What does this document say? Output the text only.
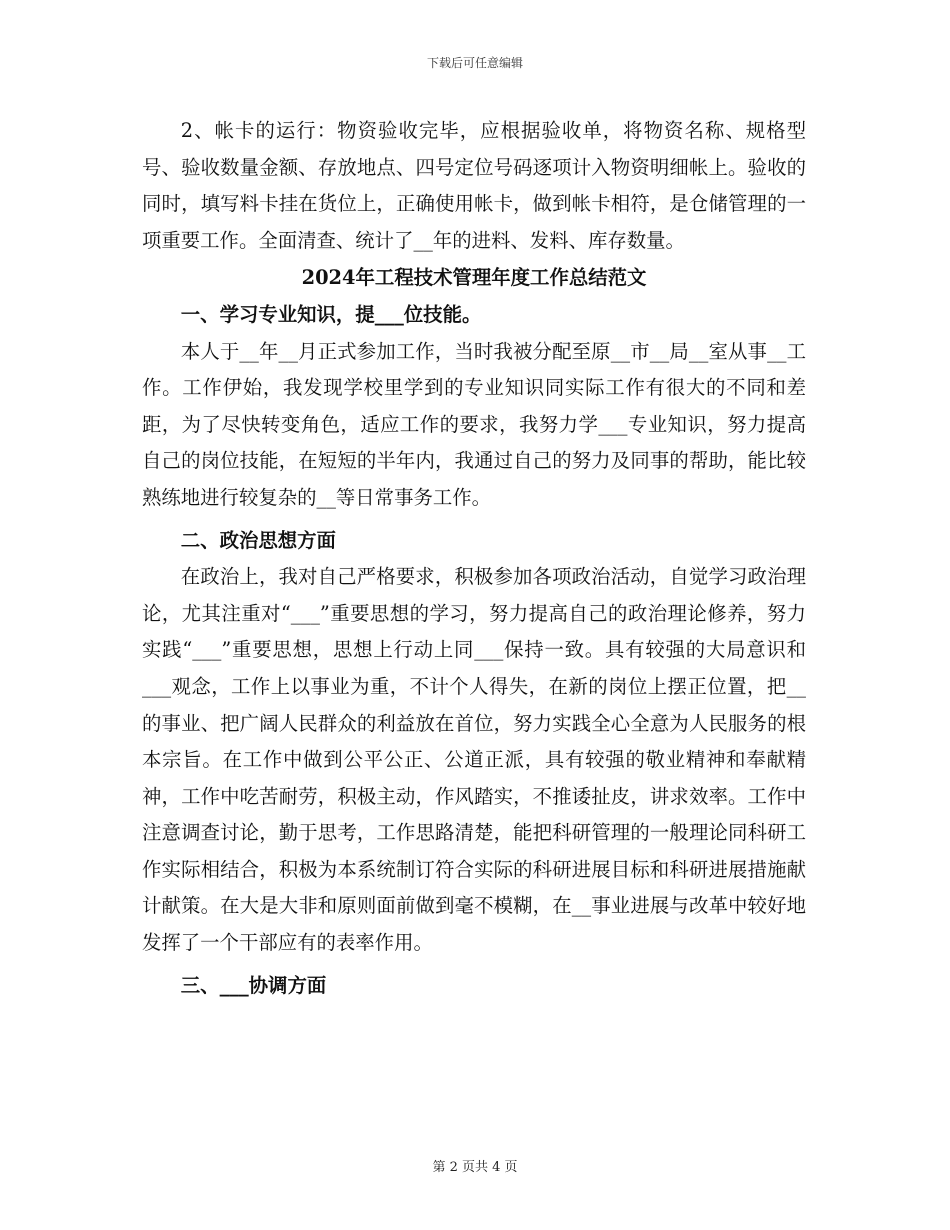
下载后可任意编辑

2、帐卡的运行：物资验收完毕，应根据验收单，将物资名称、规格型号、验收数量金额、存放地点、四号定位号码逐项计入物资明细帐上。验收的同时，填写料卡挂在货位上，正确使用帐卡，做到帐卡相符，是仓储管理的一项重要工作。全面清查、统计了__年的进料、发料、库存数量。

2024年工程技术管理年度工作总结范文

一、学习专业知识，提___位技能。

本人于__年__月正式参加工作，当时我被分配至原__市__局__室从事__工作。工作伊始，我发现学校里学到的专业知识同实际工作有很大的不同和差距，为了尽快转变角色，适应工作的要求，我努力学___专业知识，努力提高自己的岗位技能，在短短的半年内，我通过自己的努力及同事的帮助，能比较熟练地进行较复杂的__等日常事务工作。

二、政治思想方面

在政治上，我对自己严格要求，积极参加各项政治活动，自觉学习政治理论，尤其注重对“___”重要思想的学习，努力提高自己的政治理论修养，努力实践“___”重要思想，思想上行动上同___保持一致。具有较强的大局意识和___观念，工作上以事业为重，不计个人得失，在新的岗位上摆正位置，把__的事业、把广阔人民群众的利益放在首位，努力实践全心全意为人民服务的根本宗旨。在工作中做到公平公正、公道正派，具有较强的敬业精神和奉献精神，工作中吃苦耐劳，积极主动，作风踏实，不推诿扯皮，讲求效率。工作中注意调查讨论，勤于思考，工作思路清楚，能把科研管理的一般理论同科研工作实际相结合，积极为本系统制订符合实际的科研进展目标和科研进展措施献计献策。在大是大非和原则面前做到毫不模糊，在__事业进展与改革中较好地发挥了一个干部应有的表率作用。

三、___协调方面

第 2 页共 4 页
